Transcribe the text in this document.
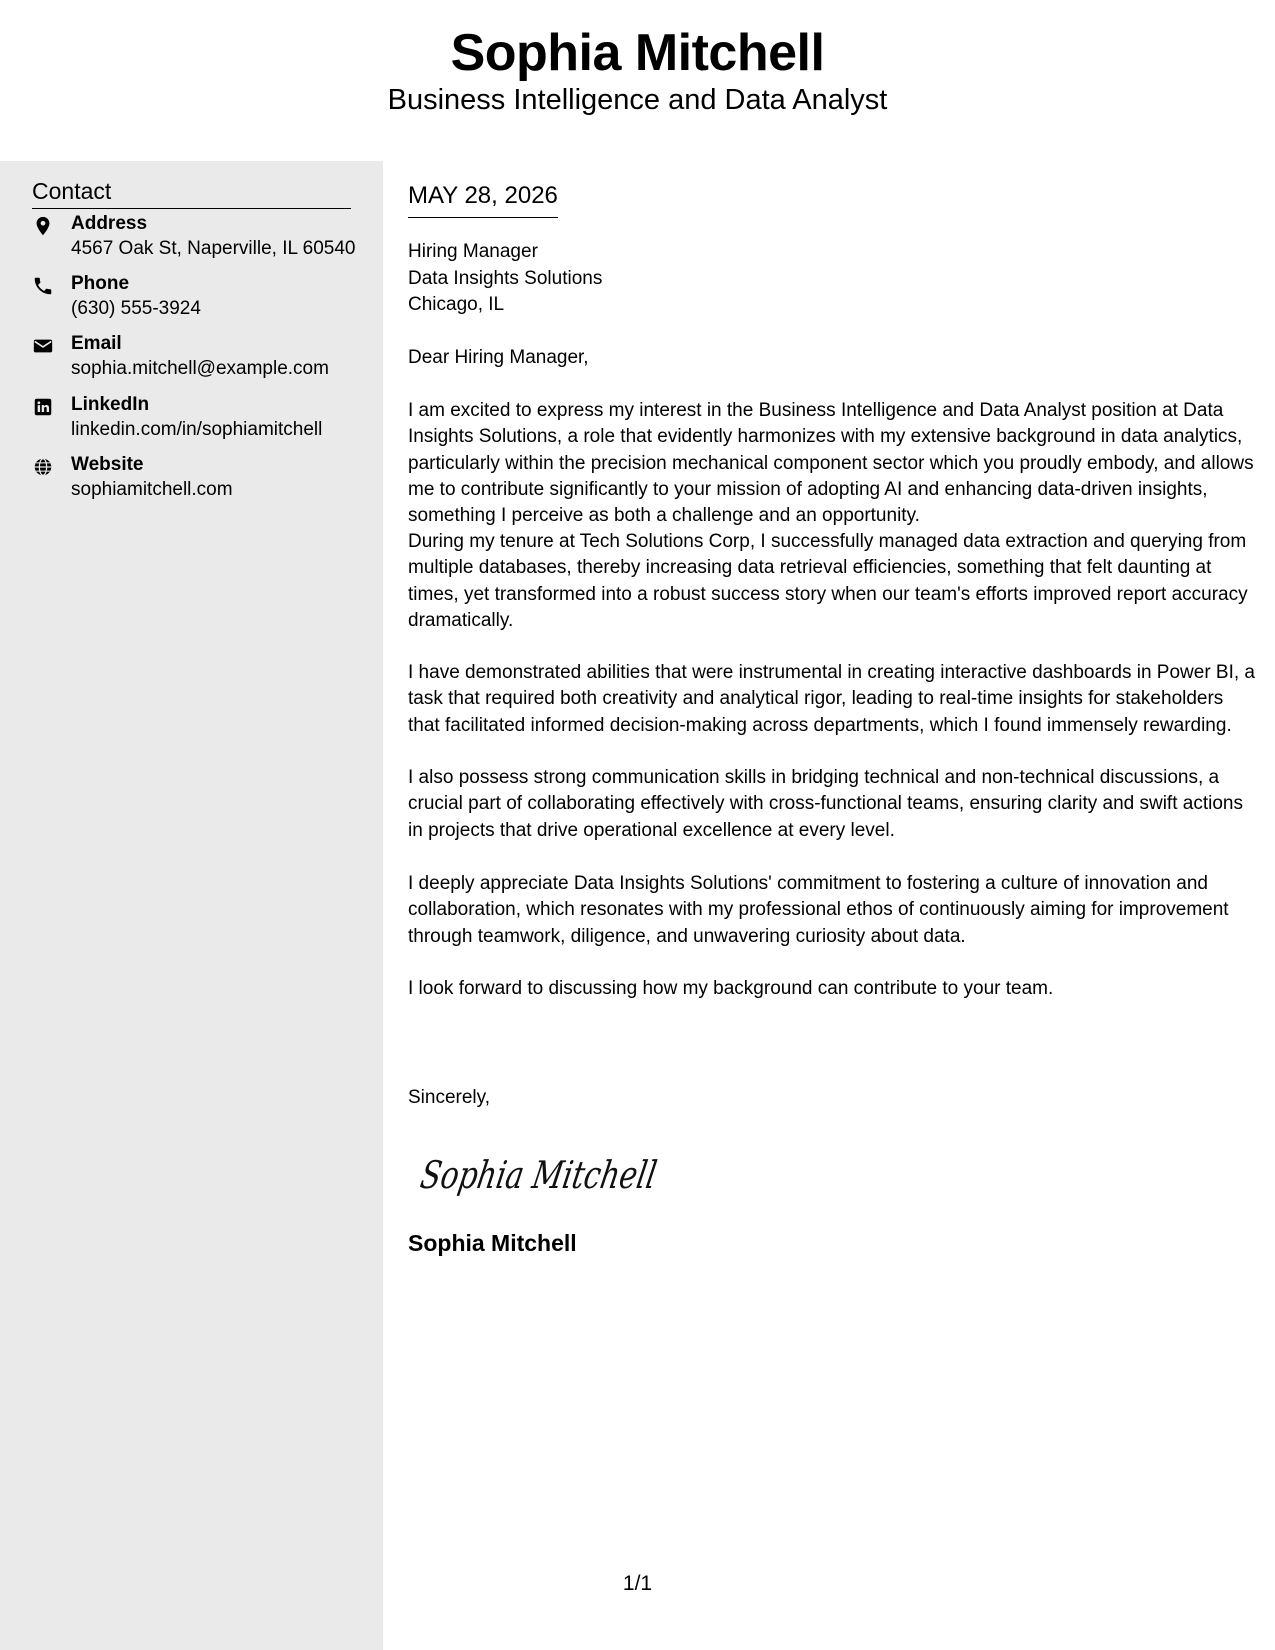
Sophia Mitchell
Business Intelligence and Data Analyst
Contact
Address
4567 Oak St, Naperville, IL 60540
Phone
(630) 555-3924
Email
sophia.mitchell@example.com
LinkedIn
linkedin.com/in/sophiamitchell
Website
sophiamitchell.com
MAY 28, 2026
Hiring Manager
Data Insights Solutions
Chicago, IL
Dear Hiring Manager,

I am excited to express my interest in the Business Intelligence and Data Analyst position at Data Insights Solutions, a role that evidently harmonizes with my extensive background in data analytics, particularly within the precision mechanical component sector which you proudly embody, and allows me to contribute significantly to your mission of adopting AI and enhancing data-driven insights, something I perceive as both a challenge and an opportunity.

During my tenure at Tech Solutions Corp, I successfully managed data extraction and querying from multiple databases, thereby increasing data retrieval efficiencies, something that felt daunting at times, yet transformed into a robust success story when our team's efforts improved report accuracy dramatically.

I have demonstrated abilities that were instrumental in creating interactive dashboards in Power BI, a task that required both creativity and analytical rigor, leading to real-time insights for stakeholders that facilitated informed decision-making across departments, which I found immensely rewarding.

I also possess strong communication skills in bridging technical and non-technical discussions, a crucial part of collaborating effectively with cross-functional teams, ensuring clarity and swift actions in projects that drive operational excellence at every level.

I deeply appreciate Data Insights Solutions' commitment to fostering a culture of innovation and collaboration, which resonates with my professional ethos of continuously aiming for improvement through teamwork, diligence, and unwavering curiosity about data.

I look forward to discussing how my background can contribute to your team.

Sincerely,
Sophia Mitchell
Sophia Mitchell
1/1
